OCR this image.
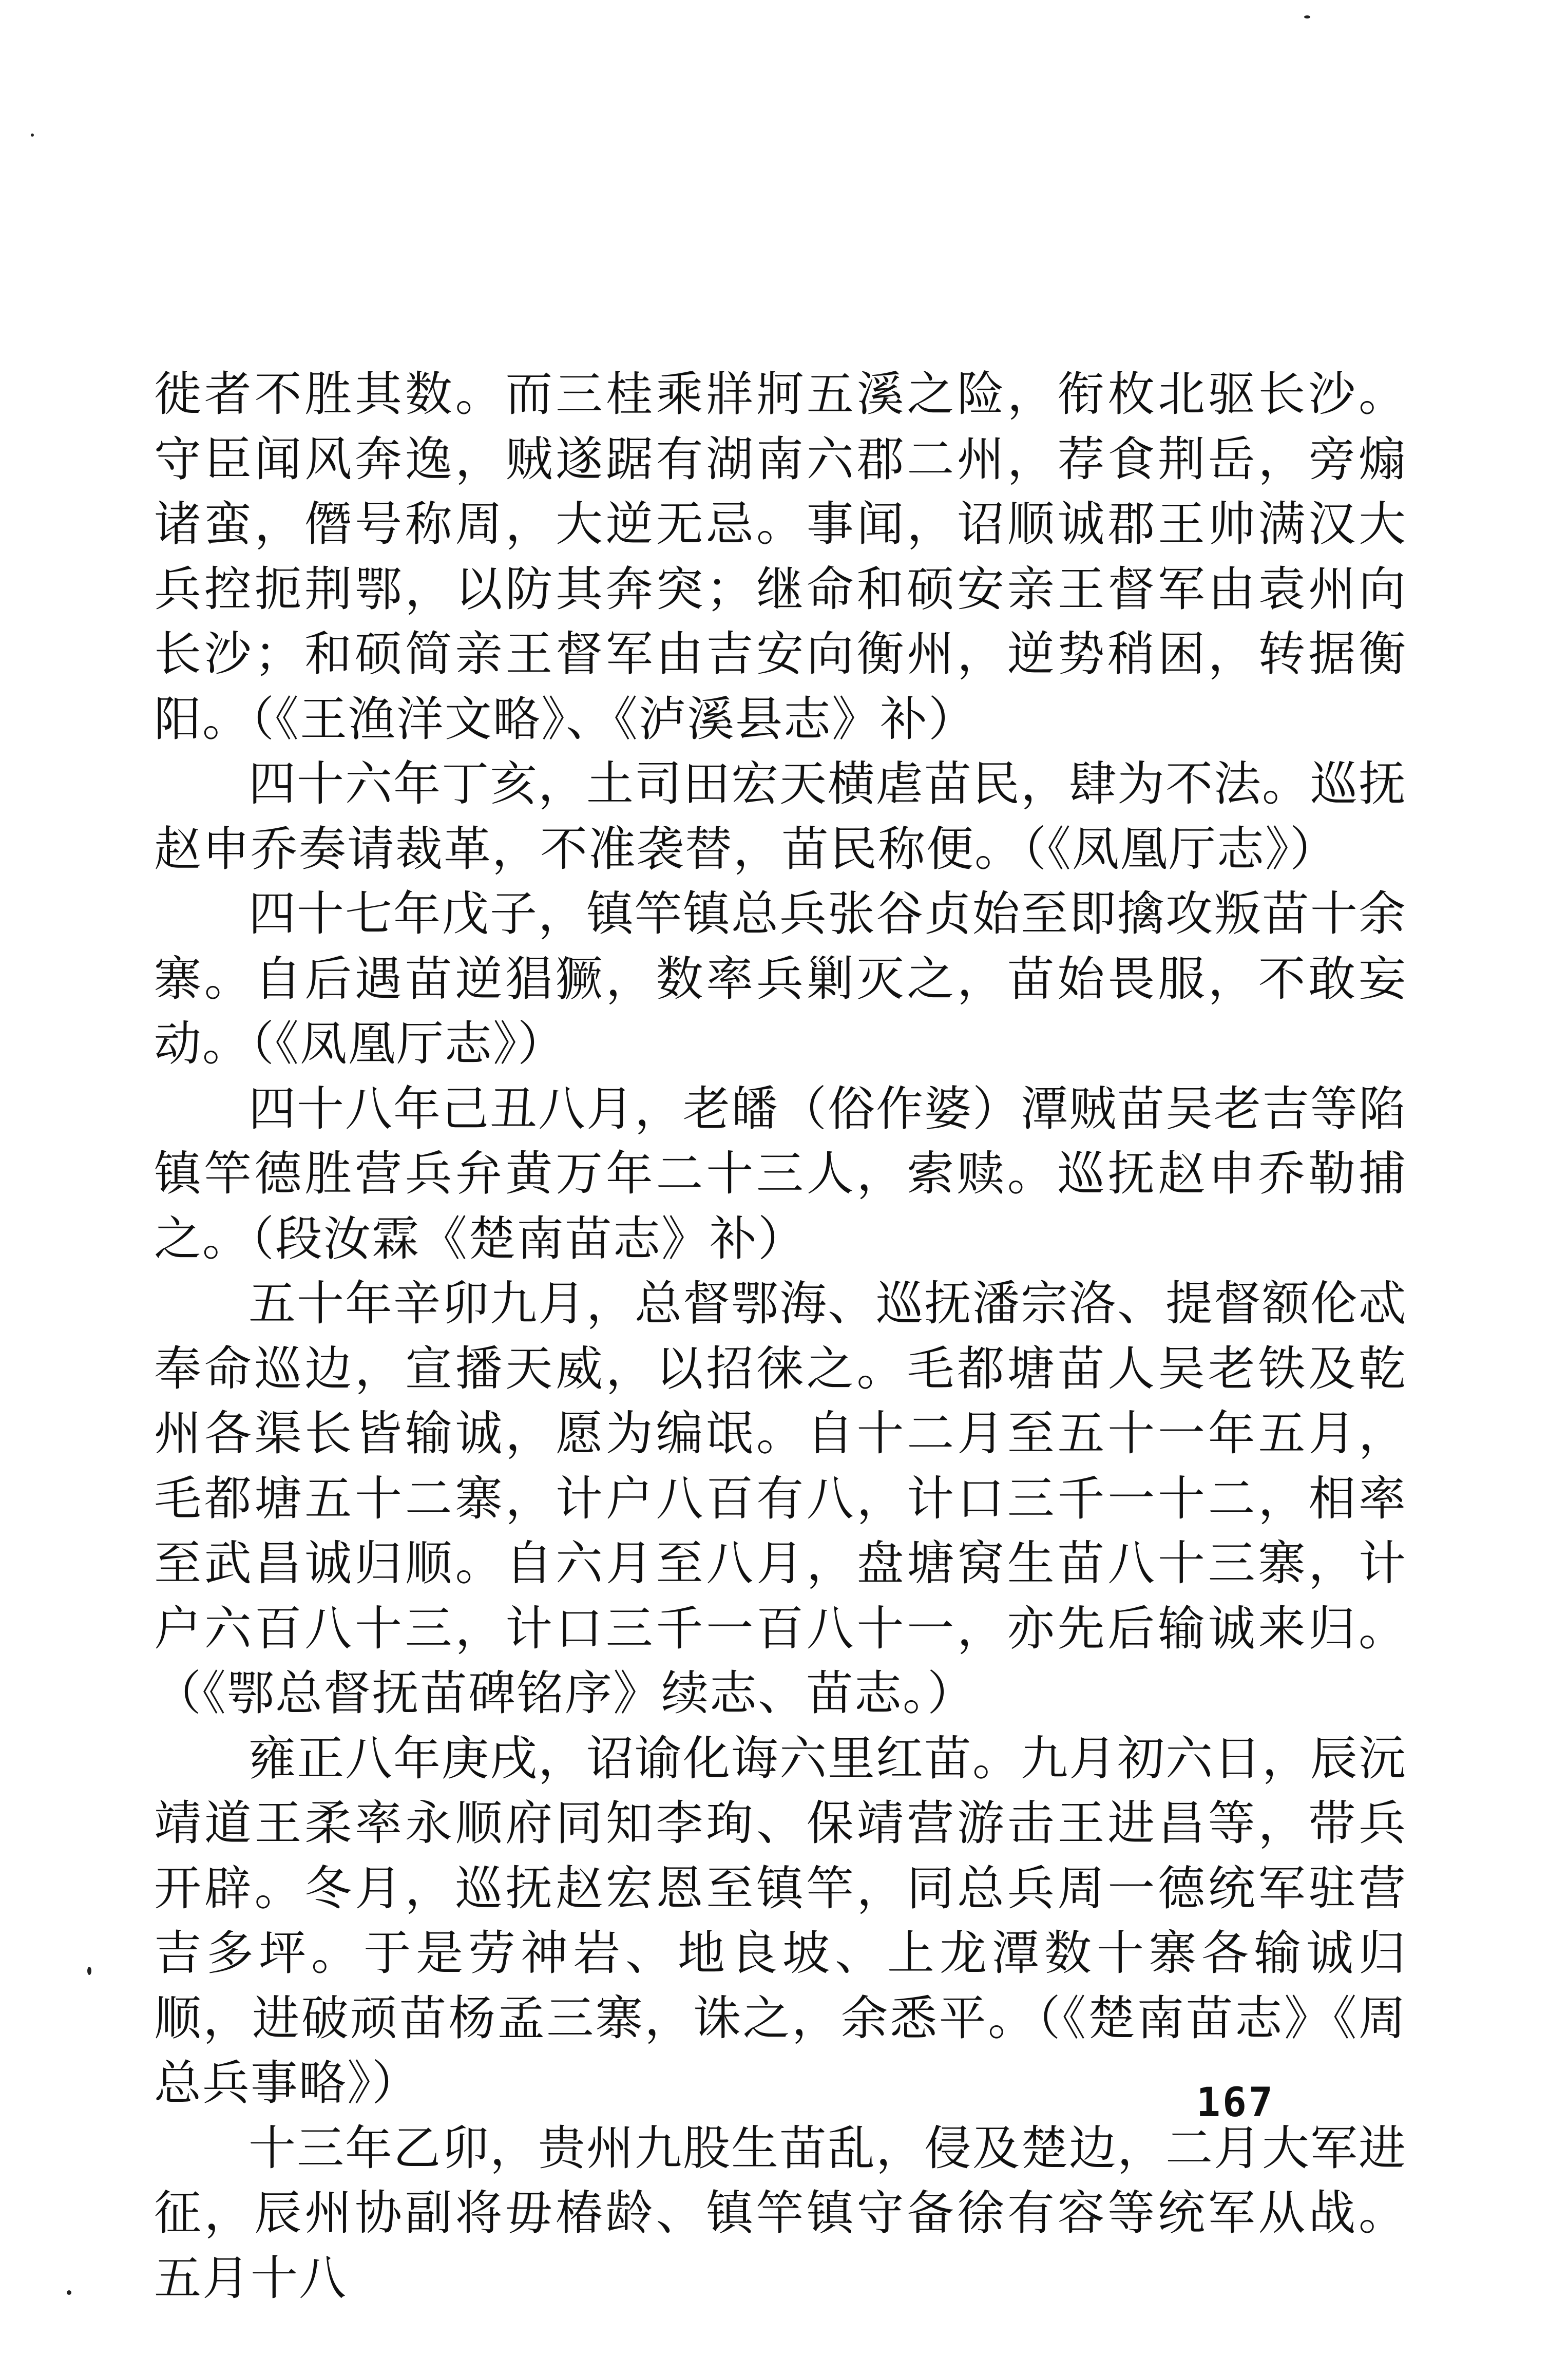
徙者不胜其数。而三桂乘牂牁五溪之险，衔枚北驱长沙。守臣闻风奔逸，贼遂踞有湖南六郡二州，荐食荆岳，旁煽诸蛮，僭号称周，大逆无忌。事闻，诏顺诚郡王帅满汉大兵控扼荆鄂，以防其奔突；继命和硕安亲王督军由袁州向长沙；和硕简亲王督军由吉安向衡州，逆势稍困，转据衡阳。（《王渔洋文略》、《泸溪县志》补）

四十六年丁亥，土司田宏天横虐苗民，肆为不法。巡抚赵申乔奏请裁革，不准袭替，苗民称便。（《凤凰厅志》）

四十七年戊子，镇竿镇总兵张谷贞始至即擒攻叛苗十余寨。自后遇苗逆猖獗，数率兵剿灭之，苗始畏服，不敢妄动。（《凤凰厅志》）

四十八年己丑八月，老皤（俗作婆）潭贼苗吴老吉等陷镇竿德胜营兵弁黄万年二十三人，索赎。巡抚赵申乔勒捕之。（段汝霖《楚南苗志》补）

五十年辛卯九月，总督鄂海、巡抚潘宗洛、提督额伦忒奉命巡边，宣播天威，以招徕之。毛都塘苗人吴老铁及乾州各渠长皆输诚，愿为编氓。自十二月至五十一年五月，毛都塘五十二寨，计户八百有八，计口三千一十二，相率至武昌诚归顺。自六月至八月，盘塘窝生苗八十三寨，计户六百八十三，计口三千一百八十一，亦先后输诚来归。（《鄂总督抚苗碑铭序》续志、苗志。）

雍正八年庚戌，诏谕化诲六里红苗。九月初六日，辰沅靖道王柔率永顺府同知李珣、保靖营游击王进昌等，带兵开辟。冬月，巡抚赵宏恩至镇竿，同总兵周一德统军驻营吉多坪。于是劳神岩、地良坡、上龙潭数十寨各输诚归顺，进破顽苗杨孟三寨，诛之，余悉平。（《楚南苗志》《周总兵事略》）

十三年乙卯，贵州九股生苗乱，侵及楚边，二月大军进征，辰州协副将毋椿龄、镇竿镇守备徐有容等统军从战。五月十八

167
